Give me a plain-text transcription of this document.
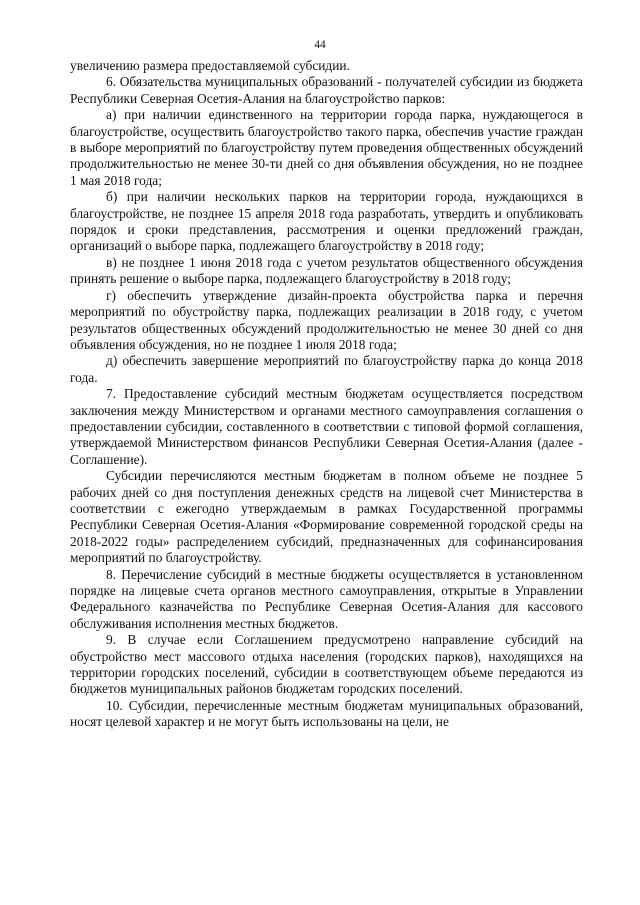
44

увеличению размера предоставляемой субсидии.

6. Обязательства муниципальных образований - получателей субсидии из бюджета Республики Северная Осетия-Алания на благоустройство парков:

а) при наличии единственного на территории города парка, нуждающегося в благоустройстве, осуществить благоустройство такого парка, обеспечив участие граждан в выборе мероприятий по благоустройству путем проведения общественных обсуждений продолжительностью не менее 30-ти дней со дня объявления обсуждения, но не позднее 1 мая 2018 года;

б) при наличии нескольких парков на территории города, нуждающихся в благоустройстве, не позднее 15 апреля 2018 года разработать, утвердить и опубликовать порядок и сроки представления, рассмотрения и оценки предложений граждан, организаций о выборе парка, подлежащего благоустройству в 2018 году;

в) не позднее 1 июня 2018 года с учетом результатов общественного обсуждения принять решение о выборе парка, подлежащего благоустройству в 2018 году;

г) обеспечить утверждение дизайн-проекта обустройства парка и перечня мероприятий по обустройству парка, подлежащих реализации в 2018 году, с учетом результатов общественных обсуждений продолжительностью не менее 30 дней со дня объявления обсуждения, но не позднее 1 июля 2018 года;

д) обеспечить завершение мероприятий по благоустройству парка до конца 2018 года.

7. Предоставление субсидий местным бюджетам осуществляется посредством заключения между Министерством и органами местного самоуправления соглашения о предоставлении субсидии, составленного в соответствии с типовой формой соглашения, утверждаемой Министерством финансов Республики Северная Осетия-Алания (далее - Соглашение).

Субсидии перечисляются местным бюджетам в полном объеме не позднее 5 рабочих дней со дня поступления денежных средств на лицевой счет Министерства в соответствии с ежегодно утверждаемым в рамках Государственной программы Республики Северная Осетия-Алания «Формирование современной городской среды на 2018-2022 годы» распределением субсидий, предназначенных для софинансирования мероприятий по благоустройству.

8. Перечисление субсидий в местные бюджеты осуществляется в установленном порядке на лицевые счета органов местного самоуправления, открытые в Управлении Федерального казначейства по Республике Северная Осетия-Алания для кассового обслуживания исполнения местных бюджетов.

9. В случае если Соглашением предусмотрено направление субсидий на обустройство мест массового отдыха населения (городских парков), находящихся на территории городских поселений, субсидии в соответствующем объеме передаются из бюджетов муниципальных районов бюджетам городских поселений.

10. Субсидии, перечисленные местным бюджетам муниципальных образований, носят целевой характер и не могут быть использованы на цели, не
